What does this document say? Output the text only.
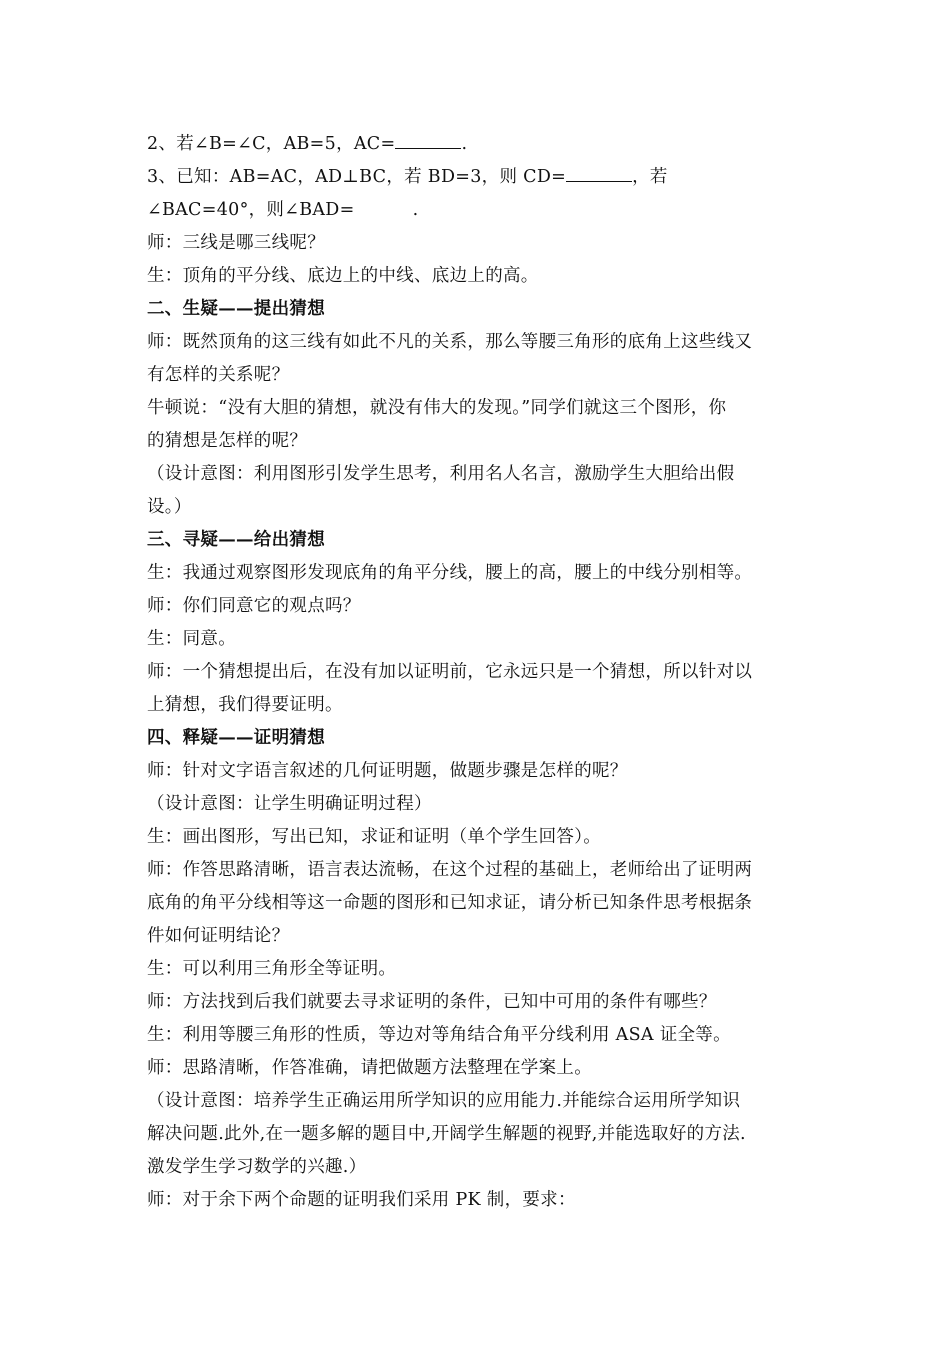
2、若∠B=∠C，AB=5，AC=	.
3、已知：AB=AC，AD⊥BC，若 BD=3，则 CD=	，若
∠BAC=40°，则∠BAD=	.
师：三线是哪三线呢？
生：顶角的平分线、底边上的中线、底边上的高。
二、生疑——提出猜想
师：既然顶角的这三线有如此不凡的关系，那么等腰三角形的底角上这些线又
有怎样的关系呢？
牛顿说：“没有大胆的猜想，就没有伟大的发现。”同学们就这三个图形，你
的猜想是怎样的呢？
（设计意图：利用图形引发学生思考，利用名人名言，激励学生大胆给出假
设。）
三、寻疑——给出猜想
生：我通过观察图形发现底角的角平分线，腰上的高，腰上的中线分别相等。
师：你们同意它的观点吗？
生：同意。
师：一个猜想提出后，在没有加以证明前，它永远只是一个猜想，所以针对以
上猜想，我们得要证明。
四、释疑——证明猜想
师：针对文字语言叙述的几何证明题，做题步骤是怎样的呢？
（设计意图：让学生明确证明过程）
生：画出图形，写出已知，求证和证明（单个学生回答）。
师：作答思路清晰，语言表达流畅，在这个过程的基础上，老师给出了证明两
底角的角平分线相等这一命题的图形和已知求证，请分析已知条件思考根据条
件如何证明结论？
生：可以利用三角形全等证明。
师：方法找到后我们就要去寻求证明的条件，已知中可用的条件有哪些？
生：利用等腰三角形的性质，等边对等角结合角平分线利用 ASA 证全等。
师：思路清晰，作答准确，请把做题方法整理在学案上。
（设计意图：培养学生正确运用所学知识的应用能力.并能综合运用所学知识
解决问题.此外,在一题多解的题目中,开阔学生解题的视野,并能选取好的方法.
激发学生学习数学的兴趣.）
师：对于余下两个命题的证明我们采用 PK 制，要求：
